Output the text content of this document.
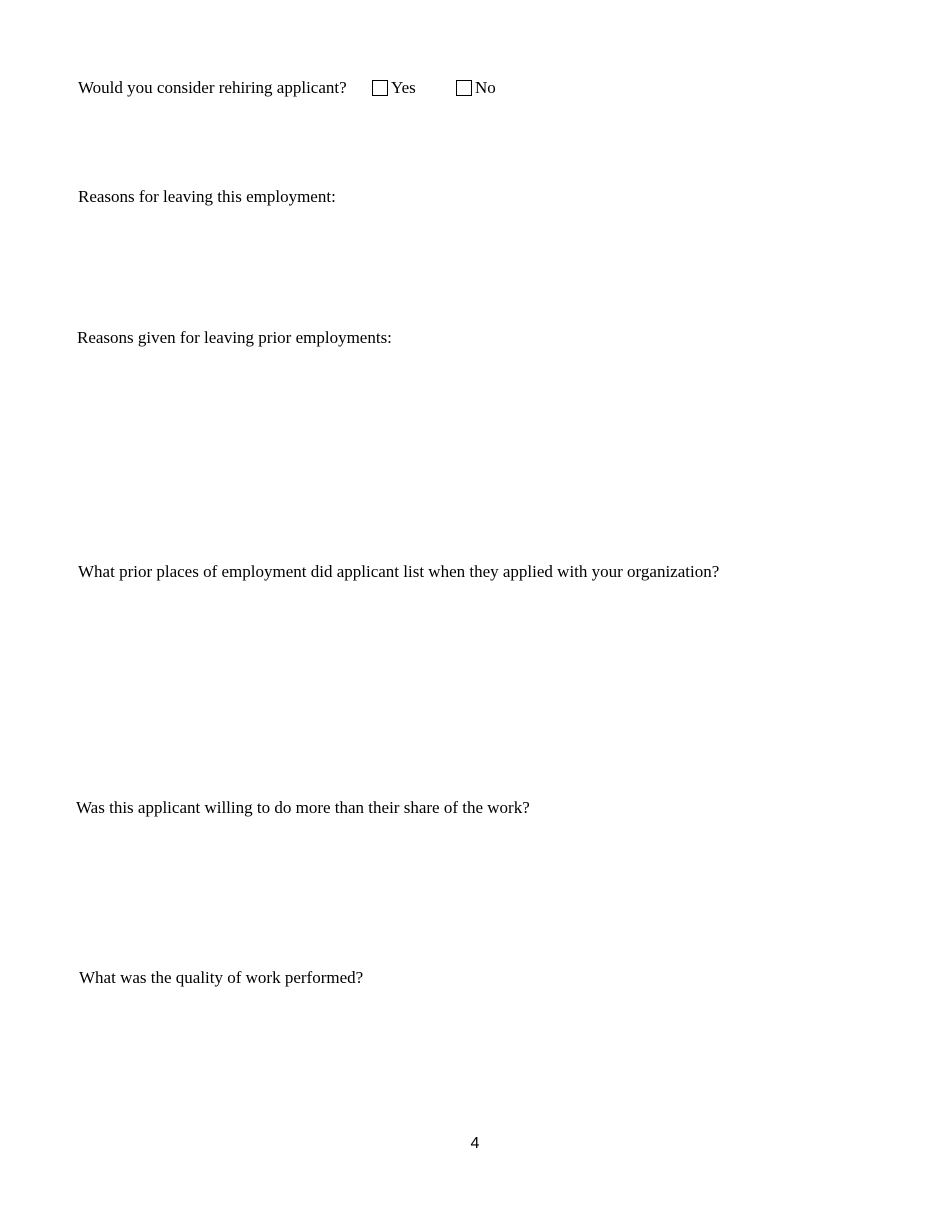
Would you consider rehiring applicant?	Yes	No
Reasons for leaving this employment:
Reasons given for leaving prior employments:
What prior places of employment did applicant list when they applied with your organization?
Was this applicant willing to do more than their share of the work?
What was the quality of work performed?
4
